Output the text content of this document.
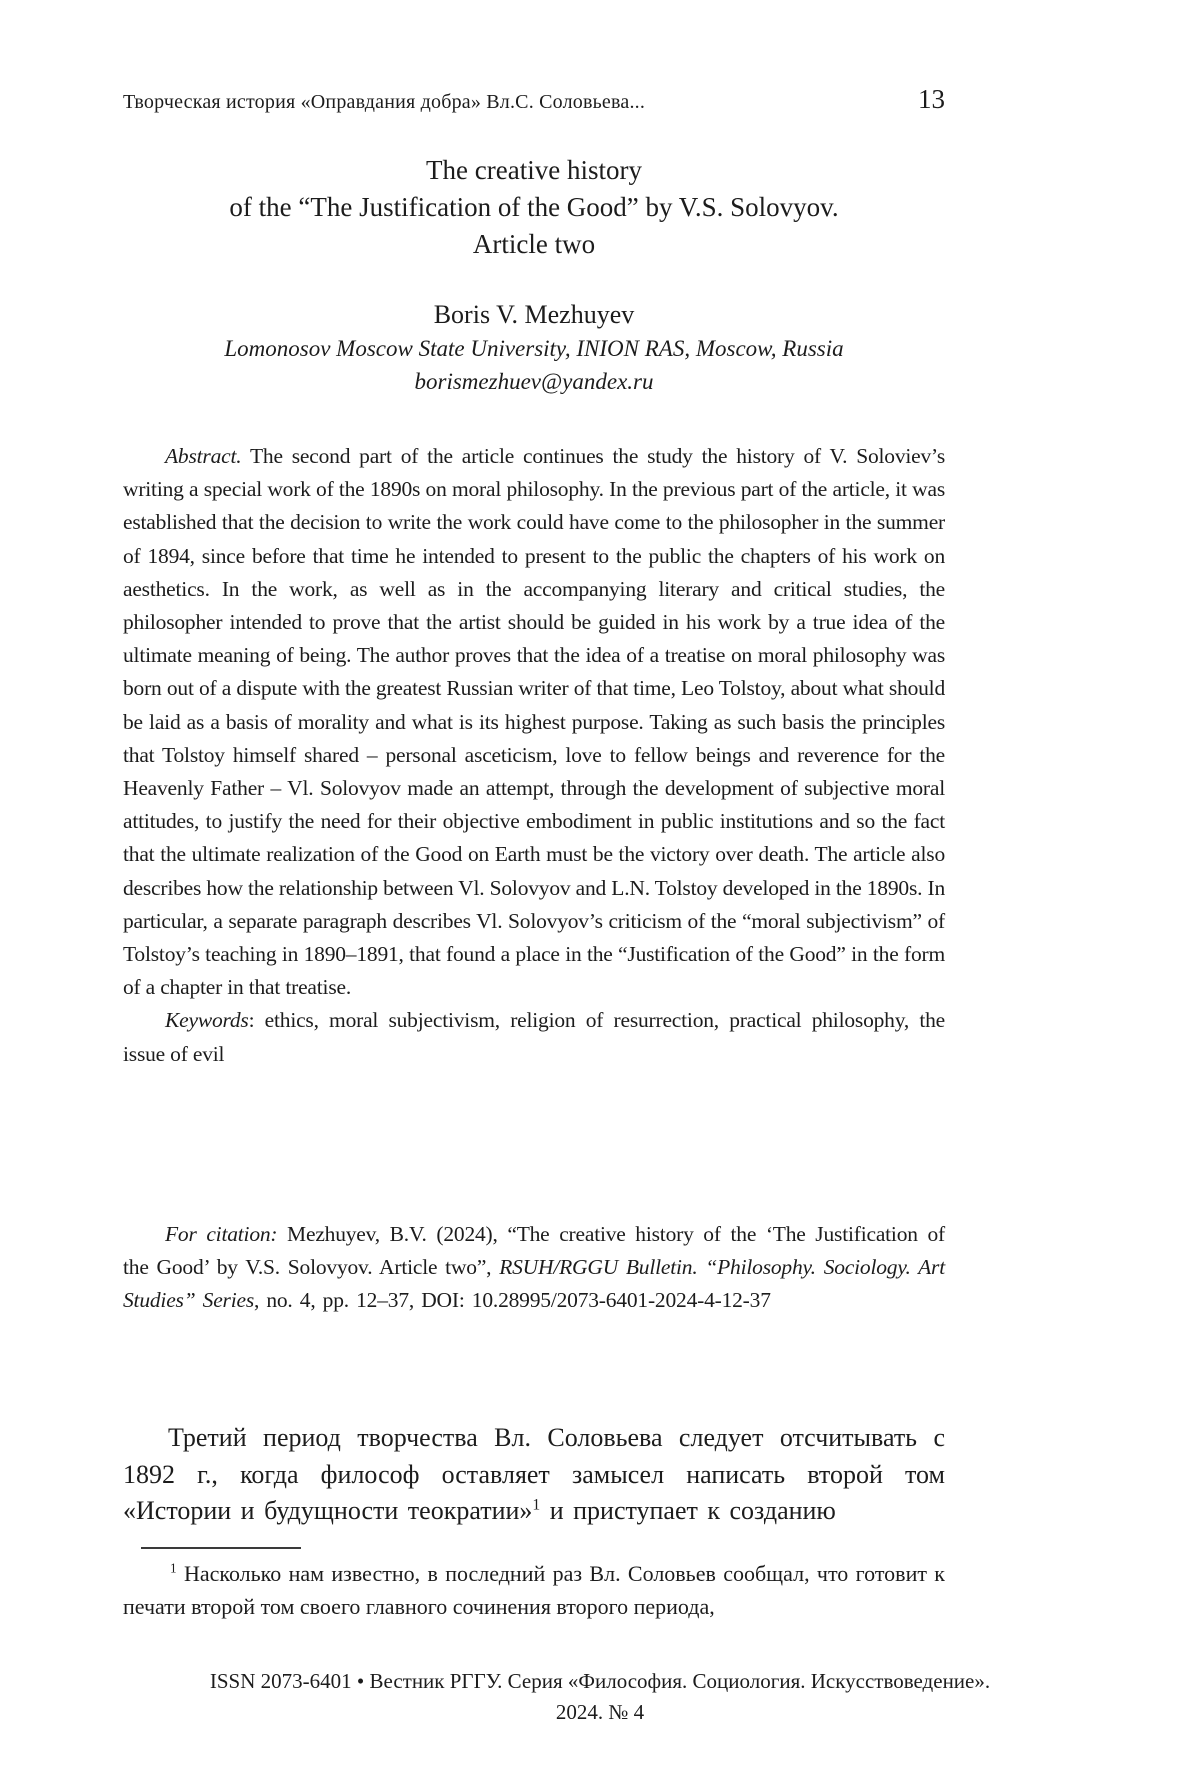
Творческая история «Оправдания добра» Вл.С. Соловьева...	13
The creative history
of the “The Justification of the Good” by V.S. Solovyov.
Article two
Boris V. Mezhuyev
Lomonosov Moscow State University, INION RAS, Moscow, Russia
borismezhuev@yandex.ru

Abstract. The second part of the article continues the study the history of V. Soloviev’s writing a special work of the 1890s on moral philosophy. In the previous part of the article, it was established that the decision to write the work could have come to the philosopher in the summer of 1894, since before that time he intended to present to the public the chapters of his work on aesthetics. In the work, as well as in the accompanying literary and critical studies, the philosopher intended to prove that the artist should be guided in his work by a true idea of the ultimate meaning of being. The author proves that the idea of a treatise on moral philosophy was born out of a dispute with the greatest Russian writer of that time, Leo Tolstoy, about what should be laid as a basis of morality and what is its highest purpose. Taking as such basis the principles that Tolstoy himself shared – personal asceticism, love to fellow beings and reverence for the Heavenly Father – Vl. Solovyov made an attempt, through the development of subjective moral attitudes, to justify the need for their objective embodiment in public institutions and so the fact that the ultimate realization of the Good on Earth must be the victory over death. The article also describes how the relationship between Vl. Solovyov and L.N. Tolstoy developed in the 1890s. In particular, a separate paragraph describes Vl. Solovyov’s criticism of the “moral subjectivism” of Tolstoy’s teaching in 1890–1891, that found a place in the “Justification of the Good” in the form of a chapter in that treatise.

Keywords: ethics, moral subjectivism, religion of resurrection, practical philosophy, the issue of evil

For citation: Mezhuyev, B.V. (2024), “The creative history of the ‘The Justification of the Good’ by V.S. Solovyov. Article two”, RSUH/RGGU Bulletin. “Philosophy. Sociology. Art Studies” Series, no. 4, pp. 12–37, DOI: 10.28995/2073-6401-2024-4-12-37

Третий период творчества Вл. Соловьева следует отсчитывать с 1892 г., когда философ оставляет замысел написать второй том «Истории и будущности теократии»$^1$ и приступает к созданию

$^1$ Насколько нам известно, в последний раз Вл. Соловьев сообщал, что готовит к печати второй том своего главного сочинения второго периода,

ISSN 2073-6401 • Вестник РГГУ. Серия «Философия. Социология. Искусствоведение».
2024. № 4
